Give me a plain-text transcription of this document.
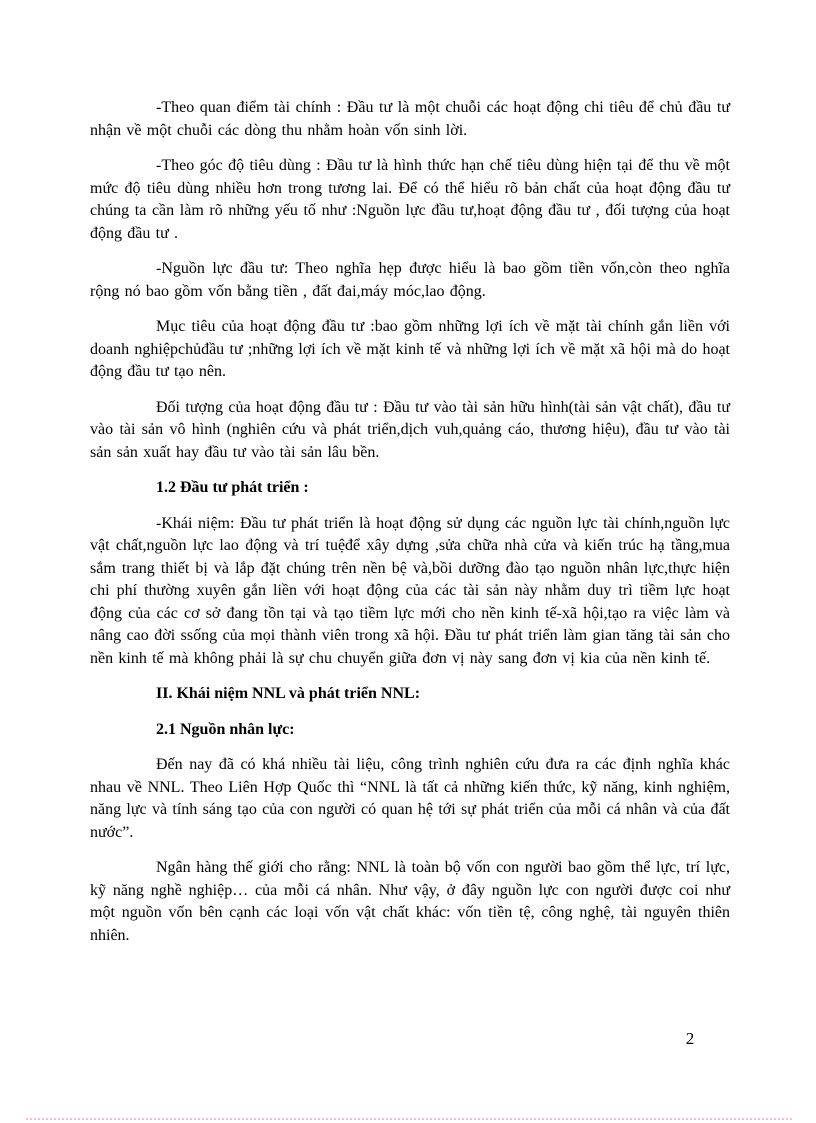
-Theo quan điểm tài chính : Đầu tư là một chuỗi các hoạt động chi tiêu để chủ đầu tư nhận về một chuỗi các dòng thu nhằm hoàn vốn sinh lời.

-Theo góc độ tiêu dùng : Đầu tư là hình thức hạn chế tiêu dùng hiện tại để thu về một mức độ tiêu dùng nhiều hơn trong tương lai. Để có thể hiểu rõ bản chất của hoạt động đầu tư chúng ta cần làm rõ những yếu tố như :Nguồn lực đầu tư,hoạt động đầu tư , đối tượng của hoạt động đầu tư .

-Nguồn lực đầu tư: Theo nghĩa hẹp được hiểu là bao gồm tiền vốn,còn theo nghĩa rộng nó bao gồm vốn bằng tiền , đất đai,máy móc,lao động.

Mục tiêu của hoạt động đầu tư :bao gồm những lợi ích về mặt tài chính gắn liền với doanh nghiệpchủđầu tư ;những lợi ích về mặt kinh tế và những lợi ích về mặt xã hội mà do hoạt động đầu tư tạo nên.

Đối tượng của hoạt động đầu tư : Đầu tư vào tài sản hữu hình(tài sản vật chất), đầu tư vào tài sản vô hình (nghiên cứu và phát triển,dịch vuh,quảng cáo, thương hiệu), đầu tư vào tài sản sản xuất hay đầu tư vào tài sản lâu bền.

1.2 Đầu tư phát triển :

-Khái niệm: Đầu tư phát triển là hoạt động sử dụng các nguồn lực tài chính,nguồn lực vật chất,nguồn lực lao động và trí tuệđể xây dựng ,sửa chữa nhà cửa và kiến trúc hạ tầng,mua sắm trang thiết bị và lắp đặt chúng trên nền bệ và,bồi dưỡng đào tạo nguồn nhân lực,thực hiện chi phí thường xuyên gắn liền với hoạt động của các tài sản này nhằm duy trì tiềm lực hoạt động của các cơ sở đang tồn tại và tạo tiềm lực mới cho nền kinh tế-xã hội,tạo ra việc làm và nâng cao đời ssống của mọi thành viên trong xã hội. Đầu tư phát triển làm gian tăng tài sản cho nền kinh tế mà không phải là sự chu chuyển giữa đơn vị này sang đơn vị kia của nền kinh tế.

II. Khái niệm NNL và phát triển NNL:

2.1 Nguồn nhân lực:

Đến nay đã có khá nhiều tài liệu, công trình nghiên cứu đưa ra các định nghĩa khác nhau về NNL. Theo Liên Hợp Quốc thì “NNL là tất cả những kiến thức, kỹ năng, kinh nghiệm, năng lực và tính sáng tạo của con người có quan hệ tới sự phát triển của mỗi cá nhân và của đất nước”.

Ngân hàng thế giới cho rằng: NNL là toàn bộ vốn con người bao gồm thể lực, trí lực, kỹ năng nghề nghiệp… của mỗi cá nhân. Như vậy, ở đây nguồn lực con người được coi như một nguồn vốn bên cạnh các loại vốn vật chất khác: vốn tiền tệ, công nghệ, tài nguyên thiên nhiên.

2
